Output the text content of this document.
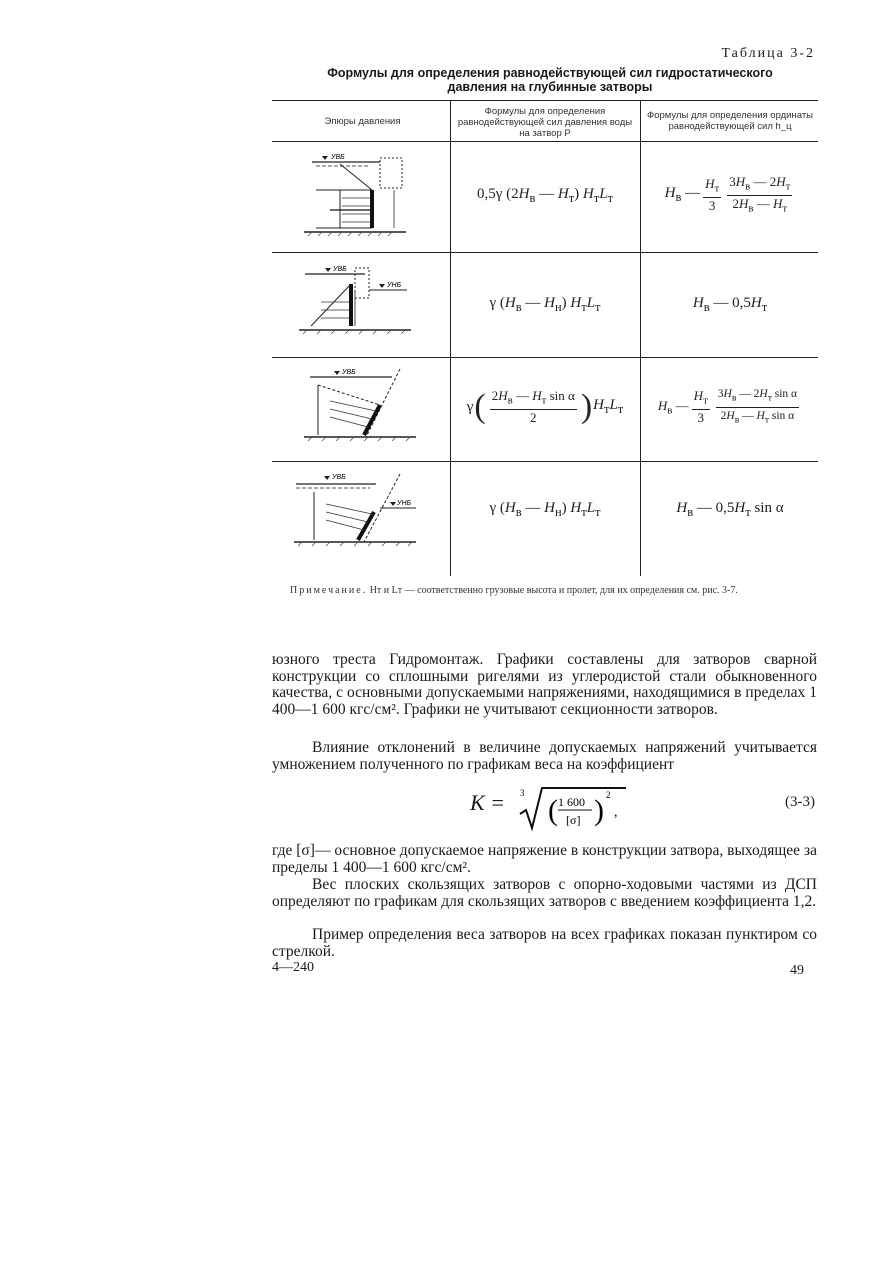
Таблица 3-2
Формулы для определения равнодействующей сил гидростатического
давления на глубинные затворы
Эпюры давления
Формулы для определения равнодействующей сил давления воды на затвор P
Формулы для определения ординаты равнодействующей сил h_ц
УВБ
УВБ
УНБ
УВБ
УВБ
УНБ
0,5γ ($2H_в$ — $H_т$) $H_тL_т$	$H_в$ — $\frac{H_т}{3} \frac{3H_в — 2H_т}{2H_в — H_т}$
γ ($H_в$ — $H_н$) $H_тL_т$	$H_в$ — $0,5H_т$
γ ( $\frac{2H_в — H_т \sin \alpha}{2}$ ) $H_тL_т$	$H_в$ — $\frac{H_т}{3} \frac{3H_в — 2H_т \sin \alpha}{2H_в — H_т \sin \alpha}$
γ ($H_в$ — $H_н$) $H_тL_т$	$H_в$ — $0,5H_т$ sin α
Примечание. Hт и Lт — соответственно грузовые высота и пролет, для их определения см. рис. 3-7.
юзного треста Гидромонтаж. Графики составлены для затворов сварной конструкции со сплошными ригелями из углеродистой стали обыкновенного качества, с основными допускаемыми напряжениями, находящимися в пределах 1 400—1 600 кгс/см². Графики не учитывают секционности затворов.
Влияние отклонений в величине допускаемых напряжений учитывается умножением полученного по графикам веса на коэффициент
K = 3
( )
1 600
[σ]
2
,
(3-3)
где [σ]— основное допускаемое напряжение в конструкции затвора, выходящее за пределы 1 400—1 600 кгс/см².
Вес плоских скользящих затворов с опорно-ходовыми частями из ДСП определяют по графикам для скользящих затворов с введением коэффициента 1,2.
Пример определения веса затворов на всех графиках показан пунктиром со стрелкой.
4—240	49
